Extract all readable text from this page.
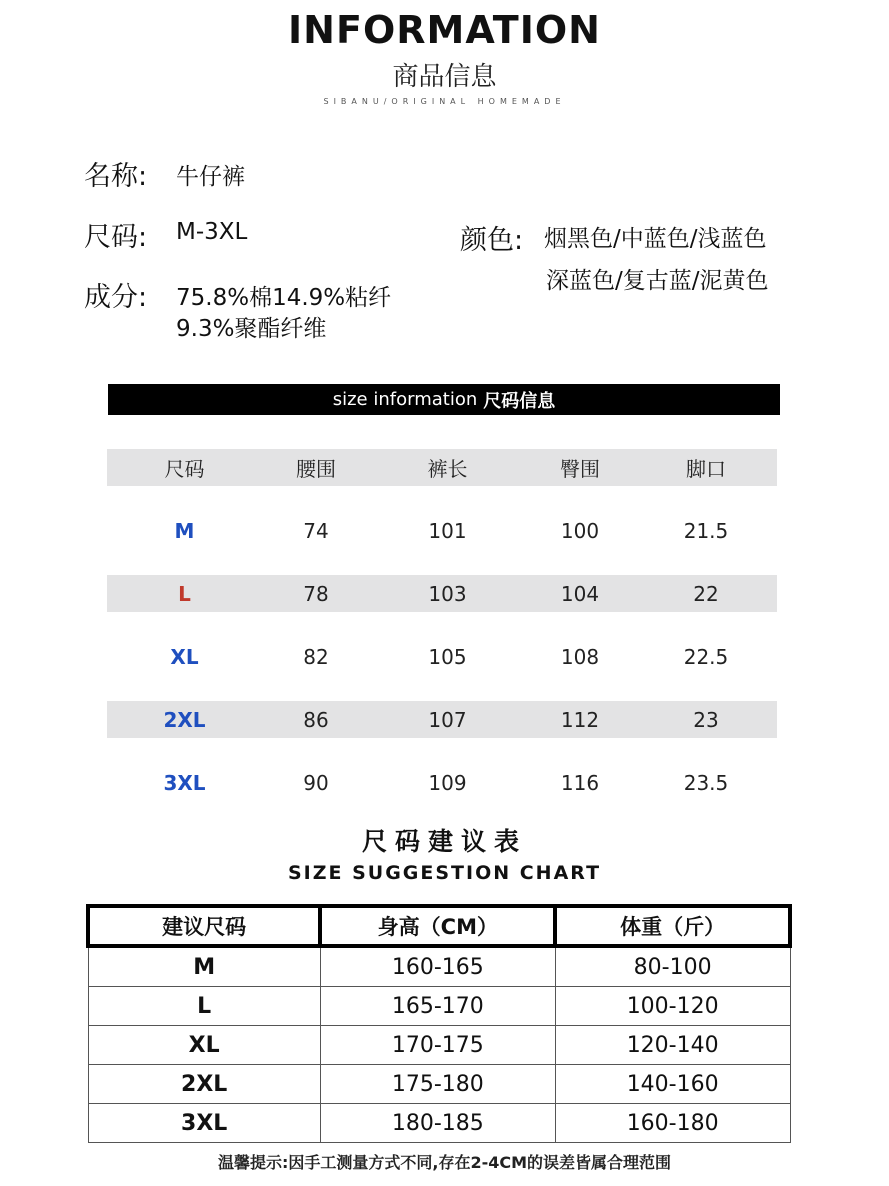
INFORMATION
商品信息
SIBANU/ORIGINAL HOMEMADE
名称: 牛仔裤
尺码: M-3XL
成分: 75.8%棉14.9%粘纤
9.3%聚酯纤维
颜色: 烟黑色/中蓝色/浅蓝色
深蓝色/复古蓝/泥黄色
size information 尺码信息
尺码	腰围	裤长	臀围	脚口
M	74	101	100	21.5
L	78	103	104	22
XL	82	105	108	22.5
2XL	86	107	112	23
3XL	90	109	116	23.5
尺码建议表
SIZE SUGGESTION CHART
建议尺码	身高（CM）	体重（斤）
M	160-165	80-100
L	165-170	100-120
XL	170-175	120-140
2XL	175-180	140-160
3XL	180-185	160-180
温馨提示:因手工测量方式不同,存在2-4CM的误差皆属合理范围
